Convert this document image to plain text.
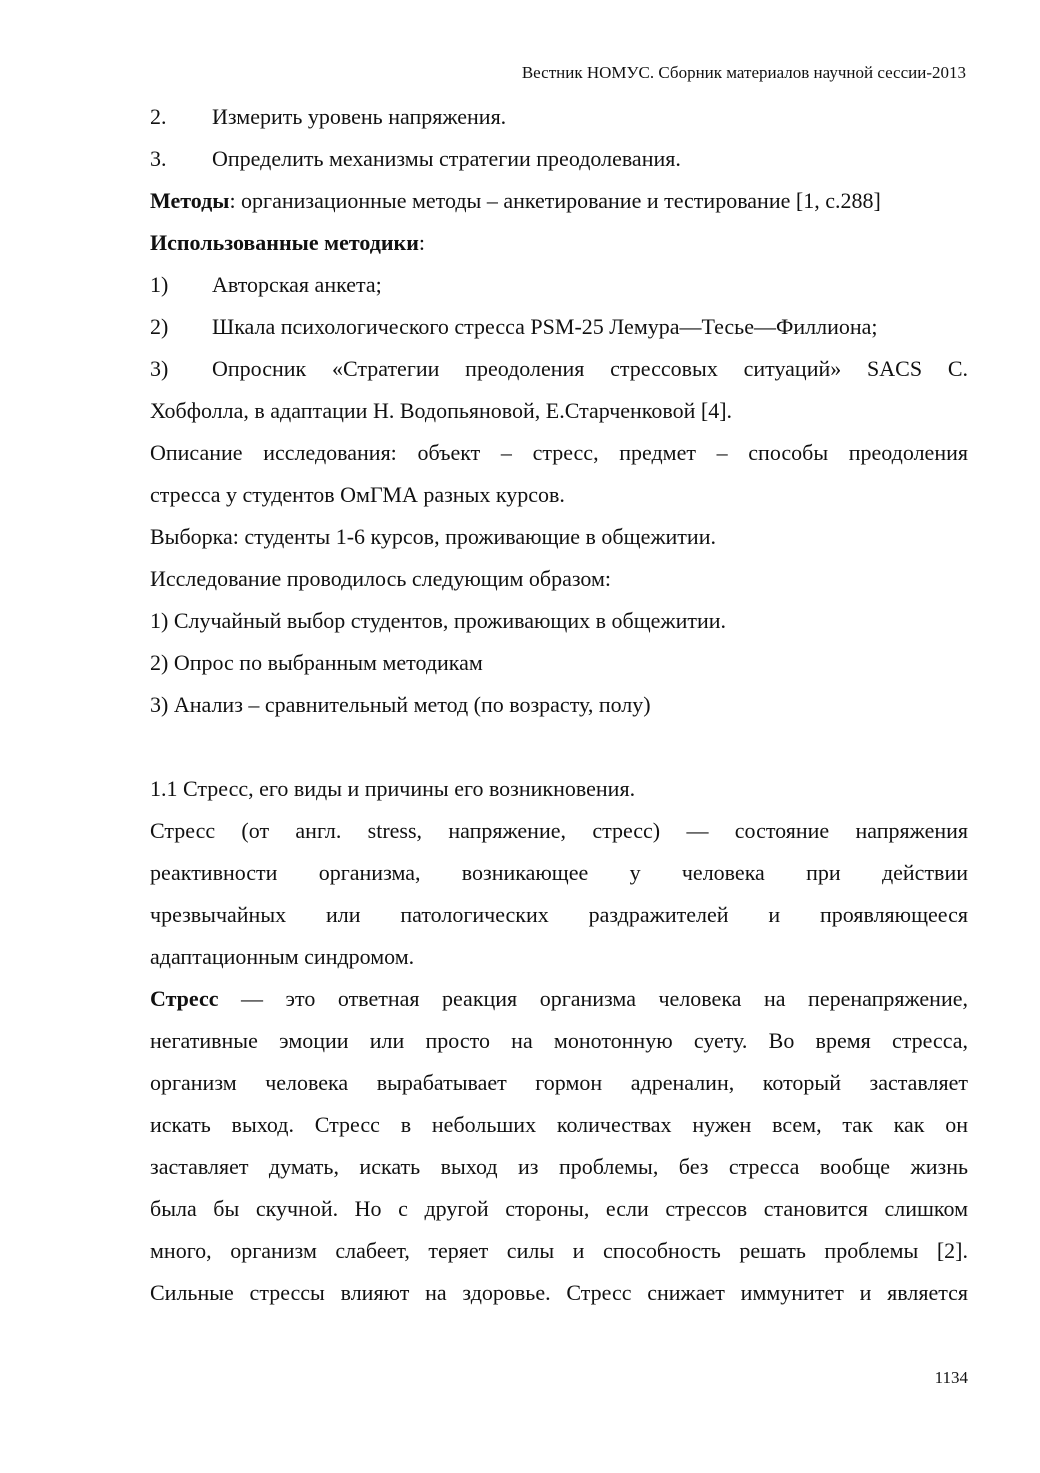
Вестник НОМУС. Сборник материалов научной сессии-2013
2.	Измерить уровень напряжения.
3.	Определить механизмы стратегии преодолевания.
Методы: организационные методы – анкетирование и тестирование [1, с.288]
Использованные методики:
1)	Авторская анкета;
2)	Шкала психологического стресса PSM-25 Лемура—Тесье—Филлиона;
3)	Опросник «Стратегии преодоления стрессовых ситуаций» SACS С.
Хобфолла, в адаптации Н. Водопьяновой, Е.Старченковой [4].
Описание исследования: объект – стресс, предмет – способы преодоления
стресса у студентов ОмГМА разных курсов.
Выборка: студенты 1-6 курсов, проживающие в общежитии.
Исследование проводилось следующим образом:
1) Случайный выбор студентов, проживающих в общежитии.
2) Опрос по выбранным методикам
3) Анализ – сравнительный метод (по возрасту, полу)
1.1 Стресс, его виды и причины его возникновения.
Стресс (от англ. stress, напряжение, стресс) — состояние напряжения
реактивности организма, возникающее у человека при действии
чрезвычайных или патологических раздражителей и проявляющееся
адаптационным синдромом.
Стресс — это ответная реакция организма человека на перенапряжение,
негативные эмоции или просто на монотонную суету. Во время стресса,
организм человека вырабатывает гормон адреналин, который заставляет
искать выход. Стресс в небольших количествах нужен всем, так как он
заставляет думать, искать выход из проблемы, без стресса вообще жизнь
была бы скучной. Но с другой стороны, если стрессов становится слишком
много, организм слабеет, теряет силы и способность решать проблемы [2].
Сильные стрессы влияют на здоровье. Стресс снижает иммунитет и является
1134
